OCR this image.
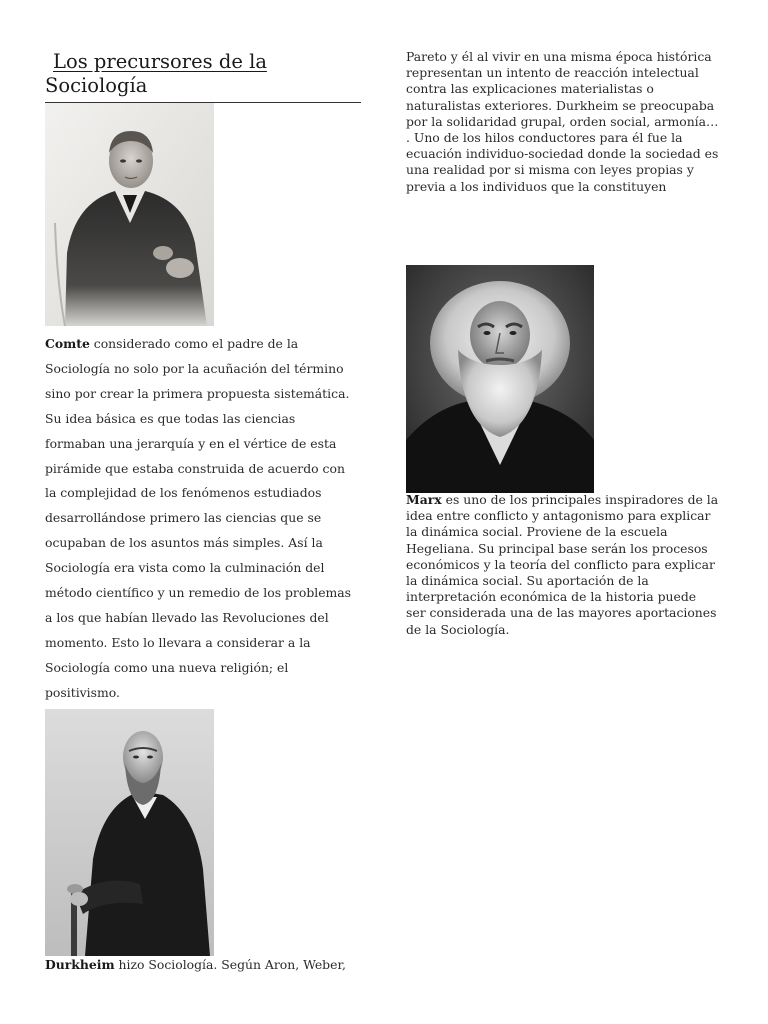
Los precursores de la
Sociología
Comte considerado como el padre de la
Sociología no solo por la acuñación del término
sino por crear la primera propuesta sistemática.
Su idea básica es que todas las ciencias
formaban una jerarquía y en el vértice de esta
pirámide que estaba construida de acuerdo con
la complejidad de los fenómenos estudiados
desarrollándose primero las ciencias que se
ocupaban de los asuntos más simples. Así la
Sociología era vista como la culminación del
método científico y un remedio de los problemas
a los que habían llevado las Revoluciones del
momento. Esto lo llevara a considerar a la
Sociología como una nueva religión; el
positivismo.
Durkheim hizo Sociología. Según Aron, Weber,
Pareto y él al vivir en una misma época histórica
representan un intento de reacción intelectual
contra las explicaciones materialistas o
naturalistas exteriores. Durkheim se preocupaba
por la solidaridad grupal, orden social, armonía…
. Uno de los hilos conductores para él fue la
ecuación individuo-sociedad donde la sociedad es
una realidad por si misma con leyes propias y
previa a los individuos que la constituyen
Marx es uno de los principales inspiradores de la
idea entre conflicto y antagonismo para explicar
la dinámica social. Proviene de la escuela
Hegeliana. Su principal base serán los procesos
económicos y la teoría del conflicto para explicar
la dinámica social. Su aportación de la
interpretación económica de la historia puede
ser considerada una de las mayores aportaciones
de la Sociología.
